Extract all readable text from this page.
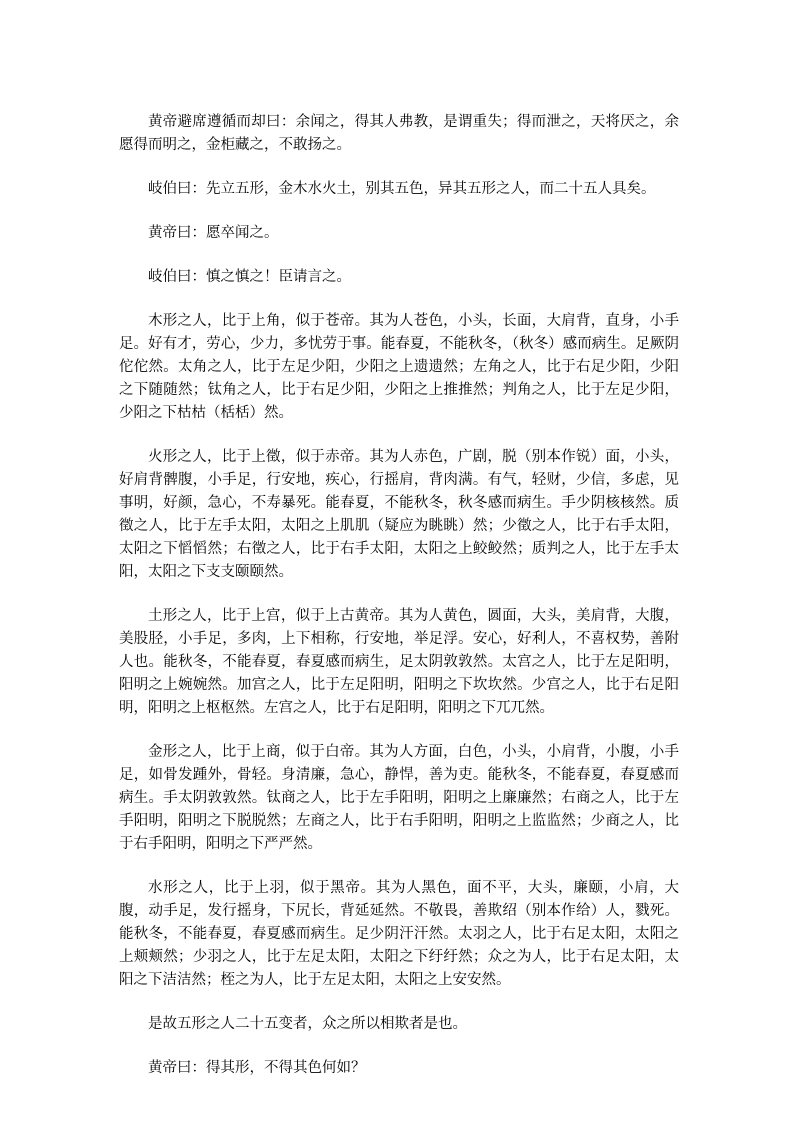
黄帝避席遵循而却曰：余闻之，得其人弗教，是谓重失；得而泄之，天将厌之，余愿得而明之，金柜藏之，不敢扬之。

岐伯曰：先立五形，金木水火土，别其五色，异其五形之人，而二十五人具矣。

黄帝曰：愿卒闻之。

岐伯曰：慎之慎之！臣请言之。

木形之人，比于上角，似于苍帝。其为人苍色，小头，长面，大肩背，直身，小手足。好有才，劳心，少力，多忧劳于事。能春夏，不能秋冬，（秋冬）感而病生。足厥阴佗佗然。太角之人，比于左足少阳，少阳之上遗遗然；左角之人，比于右足少阳，少阳之下随随然；钛角之人，比于右足少阳，少阳之上推推然；判角之人，比于左足少阳，少阳之下枯枯（栝栝）然。

火形之人，比于上徵，似于赤帝。其为人赤色，广剧，脱（别本作锐）面，小头，好肩背髀腹，小手足，行安地，疾心，行摇肩，背肉满。有气，轻财，少信，多虑，见事明，好颜，急心，不寿暴死。能春夏，不能秋冬，秋冬感而病生。手少阴核核然。质徵之人，比于左手太阳，太阳之上肌肌（疑应为眺眺）然；少徵之人，比于右手太阳，太阳之下慆慆然；右徵之人，比于右手太阳，太阳之上鲛鲛然；质判之人，比于左手太阳，太阳之下支支颐颐然。

土形之人，比于上宫，似于上古黄帝。其为人黄色，圆面，大头，美肩背，大腹，美股胫，小手足，多肉，上下相称，行安地，举足浮。安心，好利人，不喜权势，善附人也。能秋冬，不能春夏，春夏感而病生，足太阴敦敦然。太宫之人，比于左足阳明，阳明之上婉婉然。加宫之人，比于左足阳明，阳明之下坎坎然。少宫之人，比于右足阳明，阳明之上枢枢然。左宫之人，比于右足阳明，阳明之下兀兀然。

金形之人，比于上商，似于白帝。其为人方面，白色，小头，小肩背，小腹，小手足，如骨发踵外，骨轻。身清廉，急心，静悍，善为吏。能秋冬，不能春夏，春夏感而病生。手太阴敦敦然。钛商之人，比于左手阳明，阳明之上廉廉然；右商之人，比于左手阳明，阳明之下脱脱然；左商之人，比于右手阳明，阳明之上监监然；少商之人，比于右手阳明，阳明之下严严然。

水形之人，比于上羽，似于黑帝。其为人黑色，面不平，大头，廉颐，小肩，大腹，动手足，发行摇身，下尻长，背延延然。不敬畏，善欺绍（别本作给）人，戮死。能秋冬，不能春夏，春夏感而病生。足少阴汗汗然。太羽之人，比于右足太阳，太阳之上颊颊然；少羽之人，比于左足太阳，太阳之下纡纡然；众之为人，比于右足太阳，太阳之下洁洁然；桎之为人，比于左足太阳，太阳之上安安然。

是故五形之人二十五变者，众之所以相欺者是也。

黄帝曰：得其形，不得其色何如？
